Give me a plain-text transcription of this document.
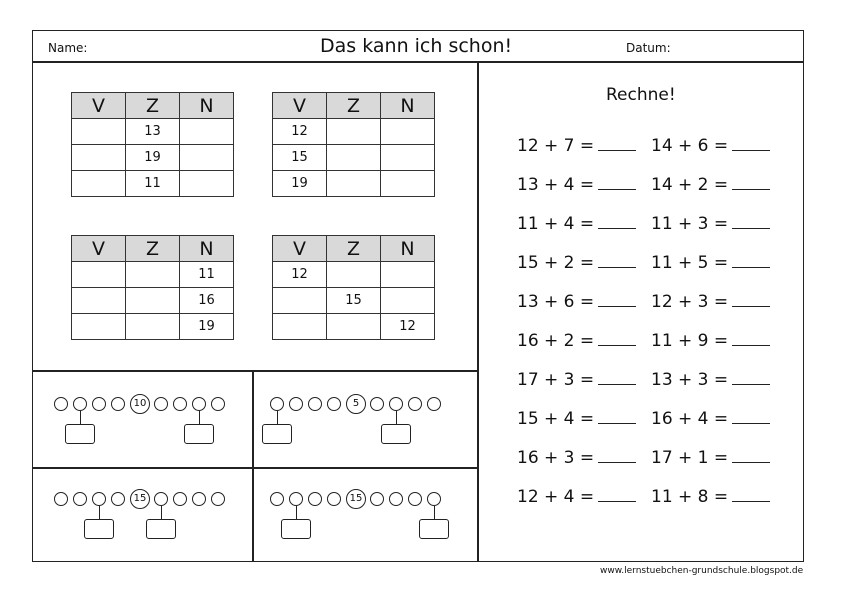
Name:	Das kann ich schon!	Datum:
V	Z	N
	13	
	19	
	11	
V	Z	N
12		
15		
19		
V	Z	N
		11
		16
		19
V	Z	N
12		
	15	
		12
Rechne!
12 + 7 =
13 + 4 =
11 + 4 =
15 + 2 =
13 + 6 =
16 + 2 =
17 + 3 =
15 + 4 =
16 + 3 =
12 + 4 =
14 + 6 =
14 + 2 =
11 + 3 =
11 + 5 =
12 + 3 =
11 + 9 =
13 + 3 =
16 + 4 =
17 + 1 =
11 + 8 =
10	5
15	15
www.lernstuebchen-grundschule.blogspot.de
